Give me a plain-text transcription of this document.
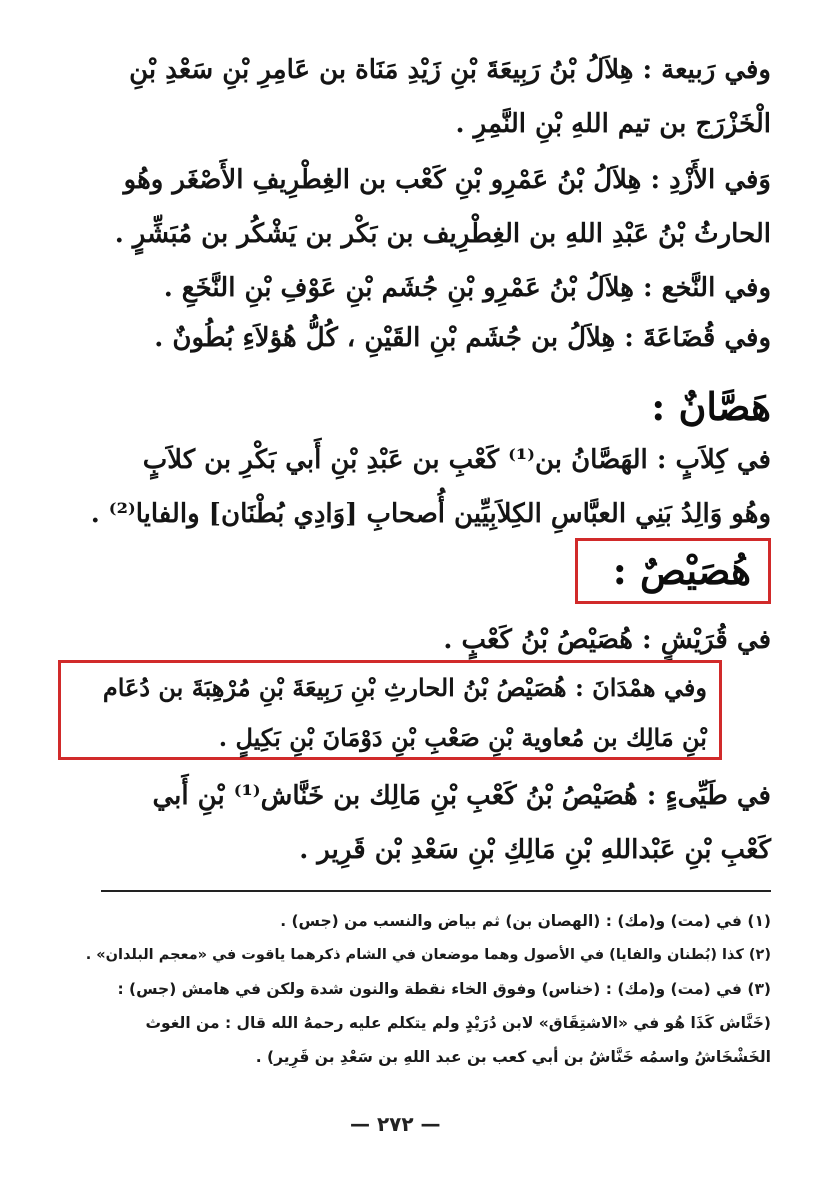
وفي رَبيعة : هِلاَلُ بْنُ رَبِيعَةَ بْنِ زَيْدِ مَنَاة بن عَامِرِ بْنِ سَعْدِ بْنِ
الْخَزْرَج بن تيم اللهِ بْنِ النَّمِرِ .
وَفي الأَزْدِ : هِلاَلُ بْنُ عَمْرِو بْنِ كَعْب بن الغِطْرِيفِ الأَصْغَر وهُو
الحارثُ بْنُ عَبْدِ اللهِ بن الغِطْرِيف بن بَكْر بن يَشْكُر بن مُبَشِّرٍ .
وفي النَّخع : هِلاَلُ بْنُ عَمْرِو بْنِ جُشَم بْنِ عَوْفِ بْنِ النَّخَعِ .
وفي قُضَاعَةَ : هِلاَلُ بن جُشَم بْنِ القَيْنِ ، كُلُّ هُؤلاَءِ بُطُونٌ .
هَصَّانٌ :
في كِلاَبٍ : الهَصَّانُ بن⁽¹⁾ كَعْبِ بن عَبْدِ بْنِ أَبي بَكْرِ بن كلاَبٍ
وهُو وَالِدُ بَنِي العبَّاسِ الكِلاَبِيِّين أُصحابِ [وَادِي بُطْنَان] والفايا⁽²⁾ .
هُصَيْصٌ :
في قُرَيْشٍ : هُصَيْصُ بْنُ كَعْبٍ .
وفي همْدَانَ : هُصَيْصُ بْنُ الحارثِ بْنِ رَبِيعَةَ بْنِ مُرْهِبَةَ بن دُعَام
بْنِ مَالِك بن مُعاوية بْنِ صَعْبِ بْنِ دَوْمَانَ بْنِ بَكِيلٍ .
في طَيِّىءٍ : هُصَيْصُ بْنُ كَعْبِ بْنِ مَالِك بن خَنَّاش⁽¹⁾ بْنِ أَبي
كَعْبِ بْنِ عَبْداللهِ بْنِ مَالِكِ بْنِ سَعْدِ بْن قَرِير .
(١) في (مت) و(مك) : (الهصان بن) ثم بياض والنسب من (جس) .
(٢) كذا (بُطنان والفايا) في الأصول وهما موضعان في الشام ذكرهما ياقوت في «معجم البلدان» .
(٣) في (مت) و(مك) : (خناس) وفوق الخاء نقطة والنون شدة ولكن في هامش (جس) :
(خَنَّاش كَذَا هُو في «الاشتِقَاق» لابن دُرَيْدٍ ولم يتكلم عليه رحمهُ الله قال : من الغوث
الخَشْخَاشُ واسمُه خَنَّاشُ بن أبي كعب بن عبد اللهِ بن سَعْدِ بن قَرِير) .
— ٢٧٢ —
